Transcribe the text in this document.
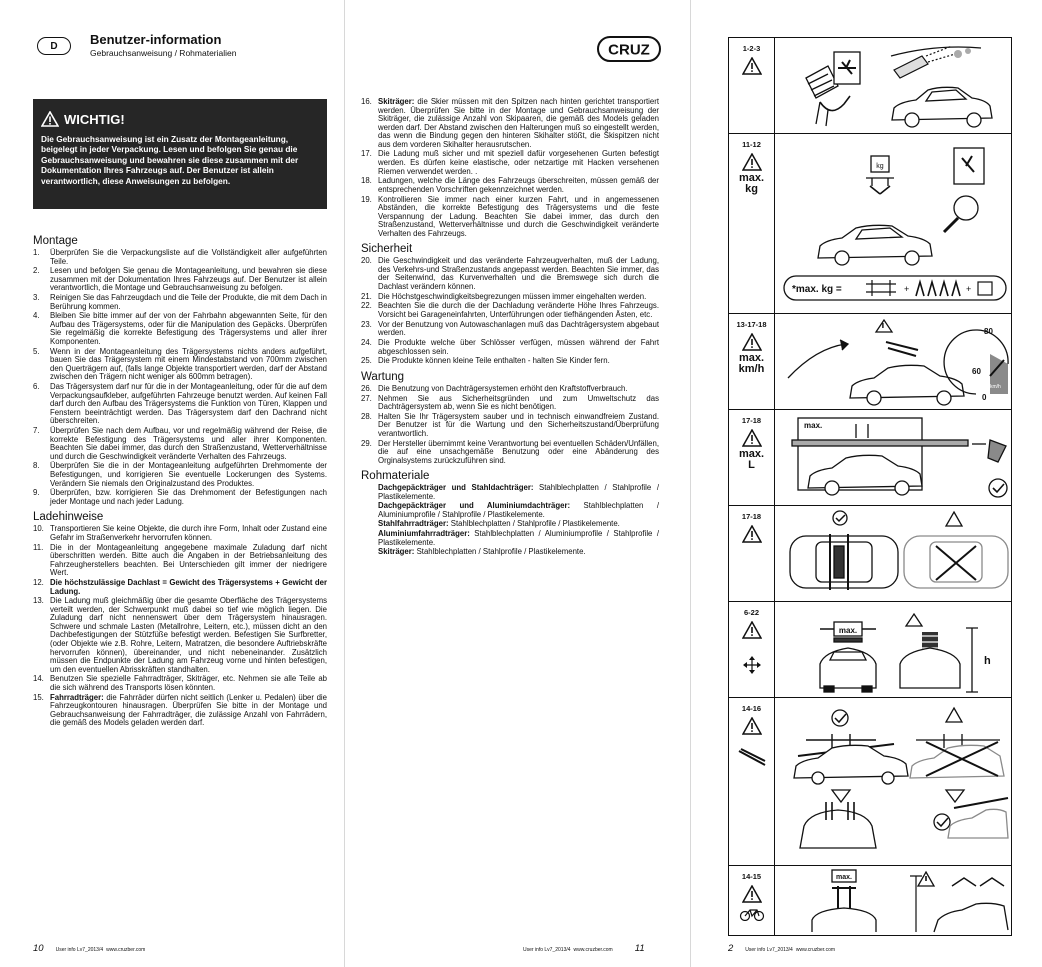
D	Benutzer-information
Gebrauchsanweisung / Rohmaterialien
WICHTIG!
Die Gebrauchsanweisung ist ein Zusatz der Montageanleitung, beigelegt in jeder Verpackung. Lesen und befolgen Sie genau die Gebrauchsanweisung und bewahren sie diese zusammen mit der Dokumentation Ihres Fahrzeugs auf. Der Benutzer ist allein verantwortlich, diese Anweisungen zu befolgen.
Montage
1.	Überprüfen Sie die Verpackungsliste auf die Vollständigkeit aller aufgeführten Teile.
2.	Lesen und befolgen Sie genau die Montageanleitung, und bewahren sie diese zusammen mit der Dokumentation Ihres Fahrzeugs auf. Der Benutzer ist allein verantwortlich, die Montage und Gebrauchsanweisung zu befolgen.
3.	Reinigen Sie das Fahrzeugdach und die Teile der Produkte, die mit dem Dach in Berührung kommen.
4.	Bleiben Sie bitte immer auf der von der Fahrbahn abgewannten Seite, für den Aufbau des Trägersystems, oder für die Manipulation des Gepäcks. Überprüfen Sie regelmäßig die korrekte Befestigung des Trägersystems und aller ihrer Komponenten.
5.	Wenn in der Montageanleitung des Trägersystems nichts anders aufgeführt, bauen Sie das Trägersystem mit einem Mindestabstand von 700mm zwischen den Querträgern auf, (falls lange Objekte transportiert werden, darf der Abstand zwischen den Trägern nicht weniger als 600mm betragen).
6.	Das Trägersystem darf nur für die in der Montageanleitung, oder für die auf dem Verpackungsaufkleber, aufgeführten Fahrzeuge benutzt werden. Auf keinen Fall darf durch den Aufbau des Trägersystems die Funktion von Türen, Klappen und Fenstern beeinträchtigt werden. Das Trägersystem darf den Dachrand nicht überschreiten.
7.	Überprüfen Sie nach dem Aufbau, vor und regelmäßig während der Reise, die korrekte Befestigung des Trägersystems und aller ihrer Komponenten. Beachten Sie dabei immer, das durch den Straßenzustand, Wetterverhältnisse und durch die Geschwindigkeit veränderte Verhalten des Fahrzeugs.
8.	Überprüfen Sie die in der Montageanleitung aufgeführten Drehmomente der Befestigungen, und korrigieren Sie eventuelle Lockerungen des Systems. Verändern Sie niemals den Originalzustand des Produktes.
9.	Überprüfen, bzw. korrigieren Sie das Drehmoment der Befestigungen nach jeder Montage und nach jeder Ladung.
Ladehinweise
10. Transportieren Sie keine Objekte, die durch ihre Form, Inhalt oder Zustand eine Gefahr im Straßenverkehr hervorrufen können.
11. Die in der Montageanleitung angegebene maximale Zuladung darf nicht überschritten werden. Bitte auch die Angaben in der Betriebsanleitung des Fahrzeugherstellers beachten. Bei Unterschieden gilt immer der niedrigere Wert.
12. Die höchstzulässige Dachlast = Gewicht des Trägersystems + Gewicht der Ladung.
13. Die Ladung muß gleichmäßig über die gesamte Oberfläche des Trägersystems verteilt werden, der Schwerpunkt muß dabei so tief wie möglich liegen. Die Zuladung darf nicht nennenswert über dem Trägersystem hinausragen. Schwere und schmale Lasten (Metallrohre, Leitern, etc.), müssen dicht an den Dachbefestigungen der Stützfüße befestigt werden. Befestigen Sie Surfbretter, (oder Objekte wie z.B. Rohre, Leitern, Matratzen, die besondere Auftriebskräfte hervorrufen können), übereinander, und nicht nebeneinander. Zusätzlich müssen die Endpunkte der Ladung am Fahrzeug vorne und hinten befestigen, um den eventuellen Abrisskräften standhalten.
14. Benutzen Sie spezielle Fahrradträger, Skiträger, etc. Nehmen sie alle Teile ab die sich während des Transports lösen könnten.
15. Fahrradträger: die Fahrräder dürfen nicht seitlich (Lenker u. Pedalen) über die Fahrzeugkontouren hinausragen. Überprüfen Sie bitte in der Montage und Gebrauchsanweisung der Fahrradträger, die zulässige Anzahl von Fahrrädern, die gemäß des Models geladen werden darf.
10 User info Lv7_2013/4 www.cruzber.com
CRUZ
16. Skiträger: die Skier müssen mit den Spitzen nach hinten gerichtet transportiert werden. Überprüfen Sie bitte in der Montage und Gebrauchsanweisung der Skiträger, die zulässige Anzahl von Skipaaren, die gemäß des Models geladen werden darf. Der Abstand zwischen den Halterungen muß so eingestellt werden, das wenn die Bindung gegen den hinteren Skihalter stößt, die Skispitzen nicht aus dem vorderen Skihalter herausrutschen.
17. Die Ladung muß sicher und mit speziell dafür vorgesehenen Gurten befestigt werden. Es dürfen keine elastische, oder netzartige mit Hacken versehenen Riemen verwendet werden. .
18. Ladungen, welche die Länge des Fahrzeugs überschreiten, müssen gemäß der entsprechenden Vorschriften gekennzeichnet werden.
19. Kontrollieren Sie immer nach einer kurzen Fahrt, und in angemessenen Abständen, die korrekte Befestigung des Trägersystems und die feste Verspannung der Ladung. Beachten Sie dabei immer, das durch den Straßenzustand, Wetterverhältnisse und durch die Geschwindigkeit veränderte Verhalten des Fahrzeugs.
Sicherheit
20. Die Geschwindigkeit und das veränderte Fahrzeugverhalten, muß der Ladung, des Verkehrs-und Straßenzustands angepasst werden. Beachten Sie immer, das der Seitenwind, das Kurvenverhalten und die Bremswege sich durch die Dachlast verändern können.
21. Die Höchstgeschwindigkeitsbegrezungen müssen immer eingehalten werden.
22. Beachten Sie die durch die der Dachladung veränderte Höhe Ihres Fahrzeugs. Vorsicht bei Garageneinfahrten, Unterführungen oder tiefhängenden Ästen, etc.
23. Vor der Benutzung von Autowaschanlagen muß das Dachträgersystem abgebaut werden.
24. Die Produkte welche über Schlösser verfügen, müssen während der Fahrt abgeschlossen sein.
25. Die Produkte können kleine Teile enthalten - halten Sie Kinder fern.
Wartung
26. Die Benutzung von Dachträgersystemen erhöht den Kraftstoffverbrauch.
27. Nehmen Sie aus Sicherheitsgründen und zum Umweltschutz das Dachträgersystem ab, wenn Sie es nicht benötigen.
28. Halten Sie Ihr Trägersystem sauber und in technisch einwandfreiem Zustand. Der Benutzer ist für die Wartung und den Sicherheitszustand/Überprüfung verantwortlich.
29. Der Hersteller übernimmt keine Verantwortung bei eventuellen Schäden/Unfällen, die auf eine unsachgemäße Benutzung oder eine Abänderung des Orginalsystems zurückzuführen sind.
Rohmateriale
Dachgepäckträger und Stahldachträger: Stahlblechplatten / Stahlprofile / Plastikelemente.
Dachgepäckträger und Aluminiumdachträger: Stahlblechplatten / Aluminiumprofile / Stahlprofile / Plastikelemente.
Stahlfahrradträger: Stahlblechplatten / Stahlprofile / Plastikelemente.
Aluminiumfahrradträger: Stahlblechplatten / Aluminiumprofile / Stahlprofile / Plastikelemente.
Skiträger: Stahlblechplatten / Stahlprofile / Plastikelemente.
User info Lv7_2013/4 www.cruzber.com 11
1-2-3
11-12
max.
kg
kg
*max. kg =	+	+
13-17-18
max.
km/h
80
60
0
km/h
17-18
max.
L
max.
17-18
6-22
max.
h
14-16
14-15	max.
2 User info Lv7_2013/4 www.cruzber.com
